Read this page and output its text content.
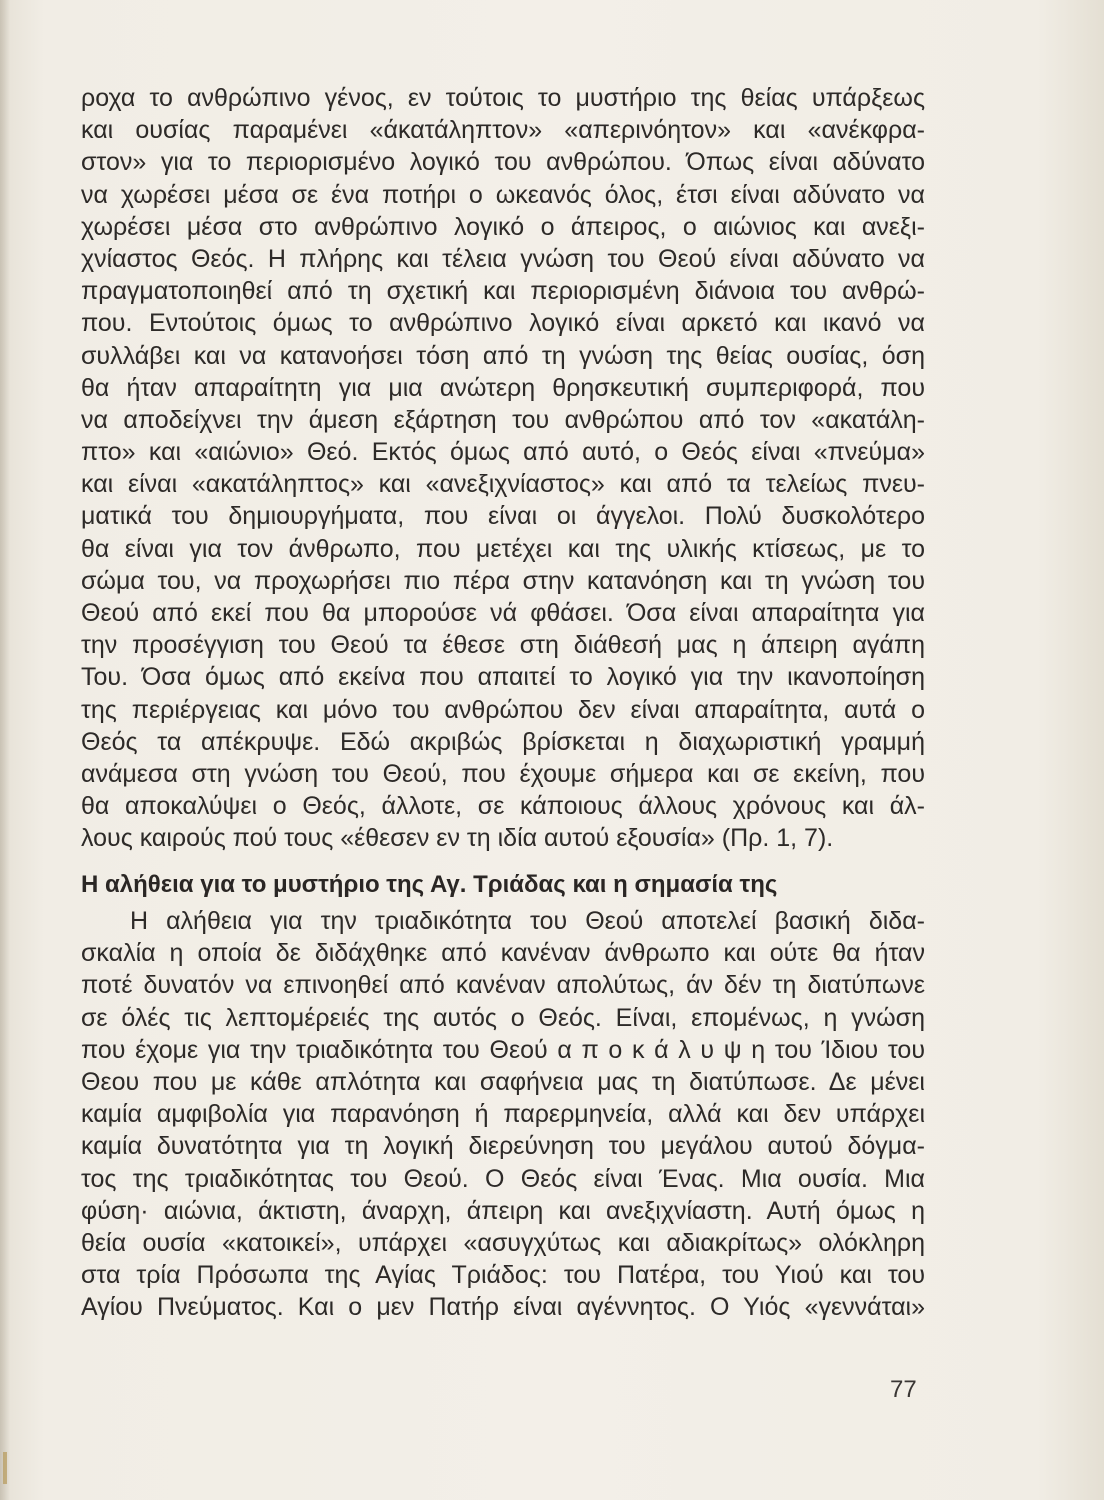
ροχα το ανθρώπινο γένος, εν τούτοις το μυστήριο της θείας υπάρξεως
και ουσίας παραμένει «άκατάληπτον» «απερινόητον» και «ανέκφρα-
στον» για το περιορισμένο λογικό του ανθρώπου. Όπως είναι αδύνατο
να χωρέσει μέσα σε ένα ποτήρι ο ωκεανός όλος, έτσι είναι αδύνατο να
χωρέσει μέσα στο ανθρώπινο λογικό ο άπειρος, ο αιώνιος και ανεξι-
χνίαστος Θεός. Η πλήρης και τέλεια γνώση του Θεού είναι αδύνατο να
πραγματοποιηθεί από τη σχετική και περιορισμένη διάνοια του ανθρώ-
που. Εντούτοις όμως το ανθρώπινο λογικό είναι αρκετό και ικανό να
συλλάβει και να κατανοήσει τόση από τη γνώση της θείας ουσίας, όση
θα ήταν απαραίτητη για μια ανώτερη θρησκευτική συμπεριφορά, που
να αποδείχνει την άμεση εξάρτηση του ανθρώπου από τον «ακατάλη-
πτο» και «αιώνιο» Θεό. Εκτός όμως από αυτό, ο Θεός είναι «πνεύμα»
και είναι «ακατάληπτος» και «ανεξιχνίαστος» και από τα τελείως πνευ-
ματικά του δημιουργήματα, που είναι οι άγγελοι. Πολύ δυσκολότερο
θα είναι για τον άνθρωπο, που μετέχει και της υλικής κτίσεως, με το
σώμα του, να προχωρήσει πιο πέρα στην κατανόηση και τη γνώση του
Θεού από εκεί που θα μπορούσε νά φθάσει. Όσα είναι απαραίτητα για
την προσέγγιση του Θεού τα έθεσε στη διάθεσή μας η άπειρη αγάπη
Του. Όσα όμως από εκείνα που απαιτεί το λογικό για την ικανοποίηση
της περιέργειας και μόνο του ανθρώπου δεν είναι απαραίτητα, αυτά ο
Θεός τα απέκρυψε. Εδώ ακριβώς βρίσκεται η διαχωριστική γραμμή
ανάμεσα στη γνώση του Θεού, που έχουμε σήμερα και σε εκείνη, που
θα αποκαλύψει ο Θεός, άλλοτε, σε κάποιους άλλους χρόνους και άλ-
λους καιρούς πού τους «έθεσεν εν τη ιδία αυτού εξουσία» (Πρ. 1, 7).
Η αλήθεια για το μυστήριο της Αγ. Τριάδας και η σημασία της
Η αλήθεια για την τριαδικότητα του Θεού αποτελεί βασική διδα-
σκαλία η οποία δε διδάχθηκε από κανέναν άνθρωπο και ούτε θα ήταν
ποτέ δυνατόν να επινοηθεί από κανέναν απολύτως, άν δέν τη διατύπωνε
σε όλές τις λεπτομέρειές της αυτός ο Θεός. Είναι, επομένως, η γνώση
που έχομε για την τριαδικότητα του Θεού α π ο κ ά λ υ ψ η του Ίδιου του
Θεου που με κάθε απλότητα και σαφήνεια μας τη διατύπωσε. Δε μένει
καμία αμφιβολία για παρανόηση ή παρερμηνεία, αλλά και δεν υπάρχει
καμία δυνατότητα για τη λογική διερεύνηση του μεγάλου αυτού δόγμα-
τος της τριαδικότητας του Θεού. Ο Θεός είναι Ένας. Μια ουσία. Μια
φύση· αιώνια, άκτιστη, άναρχη, άπειρη και ανεξιχνίαστη. Αυτή όμως η
θεία ουσία «κατοικεί», υπάρχει «ασυγχύτως και αδιακρίτως» ολόκληρη
στα τρία Πρόσωπα της Αγίας Τριάδος: του Πατέρα, του Υιού και του
Αγίου Πνεύματος. Και ο μεν Πατήρ είναι αγέννητος. Ο Υιός «γεννάται»
77
